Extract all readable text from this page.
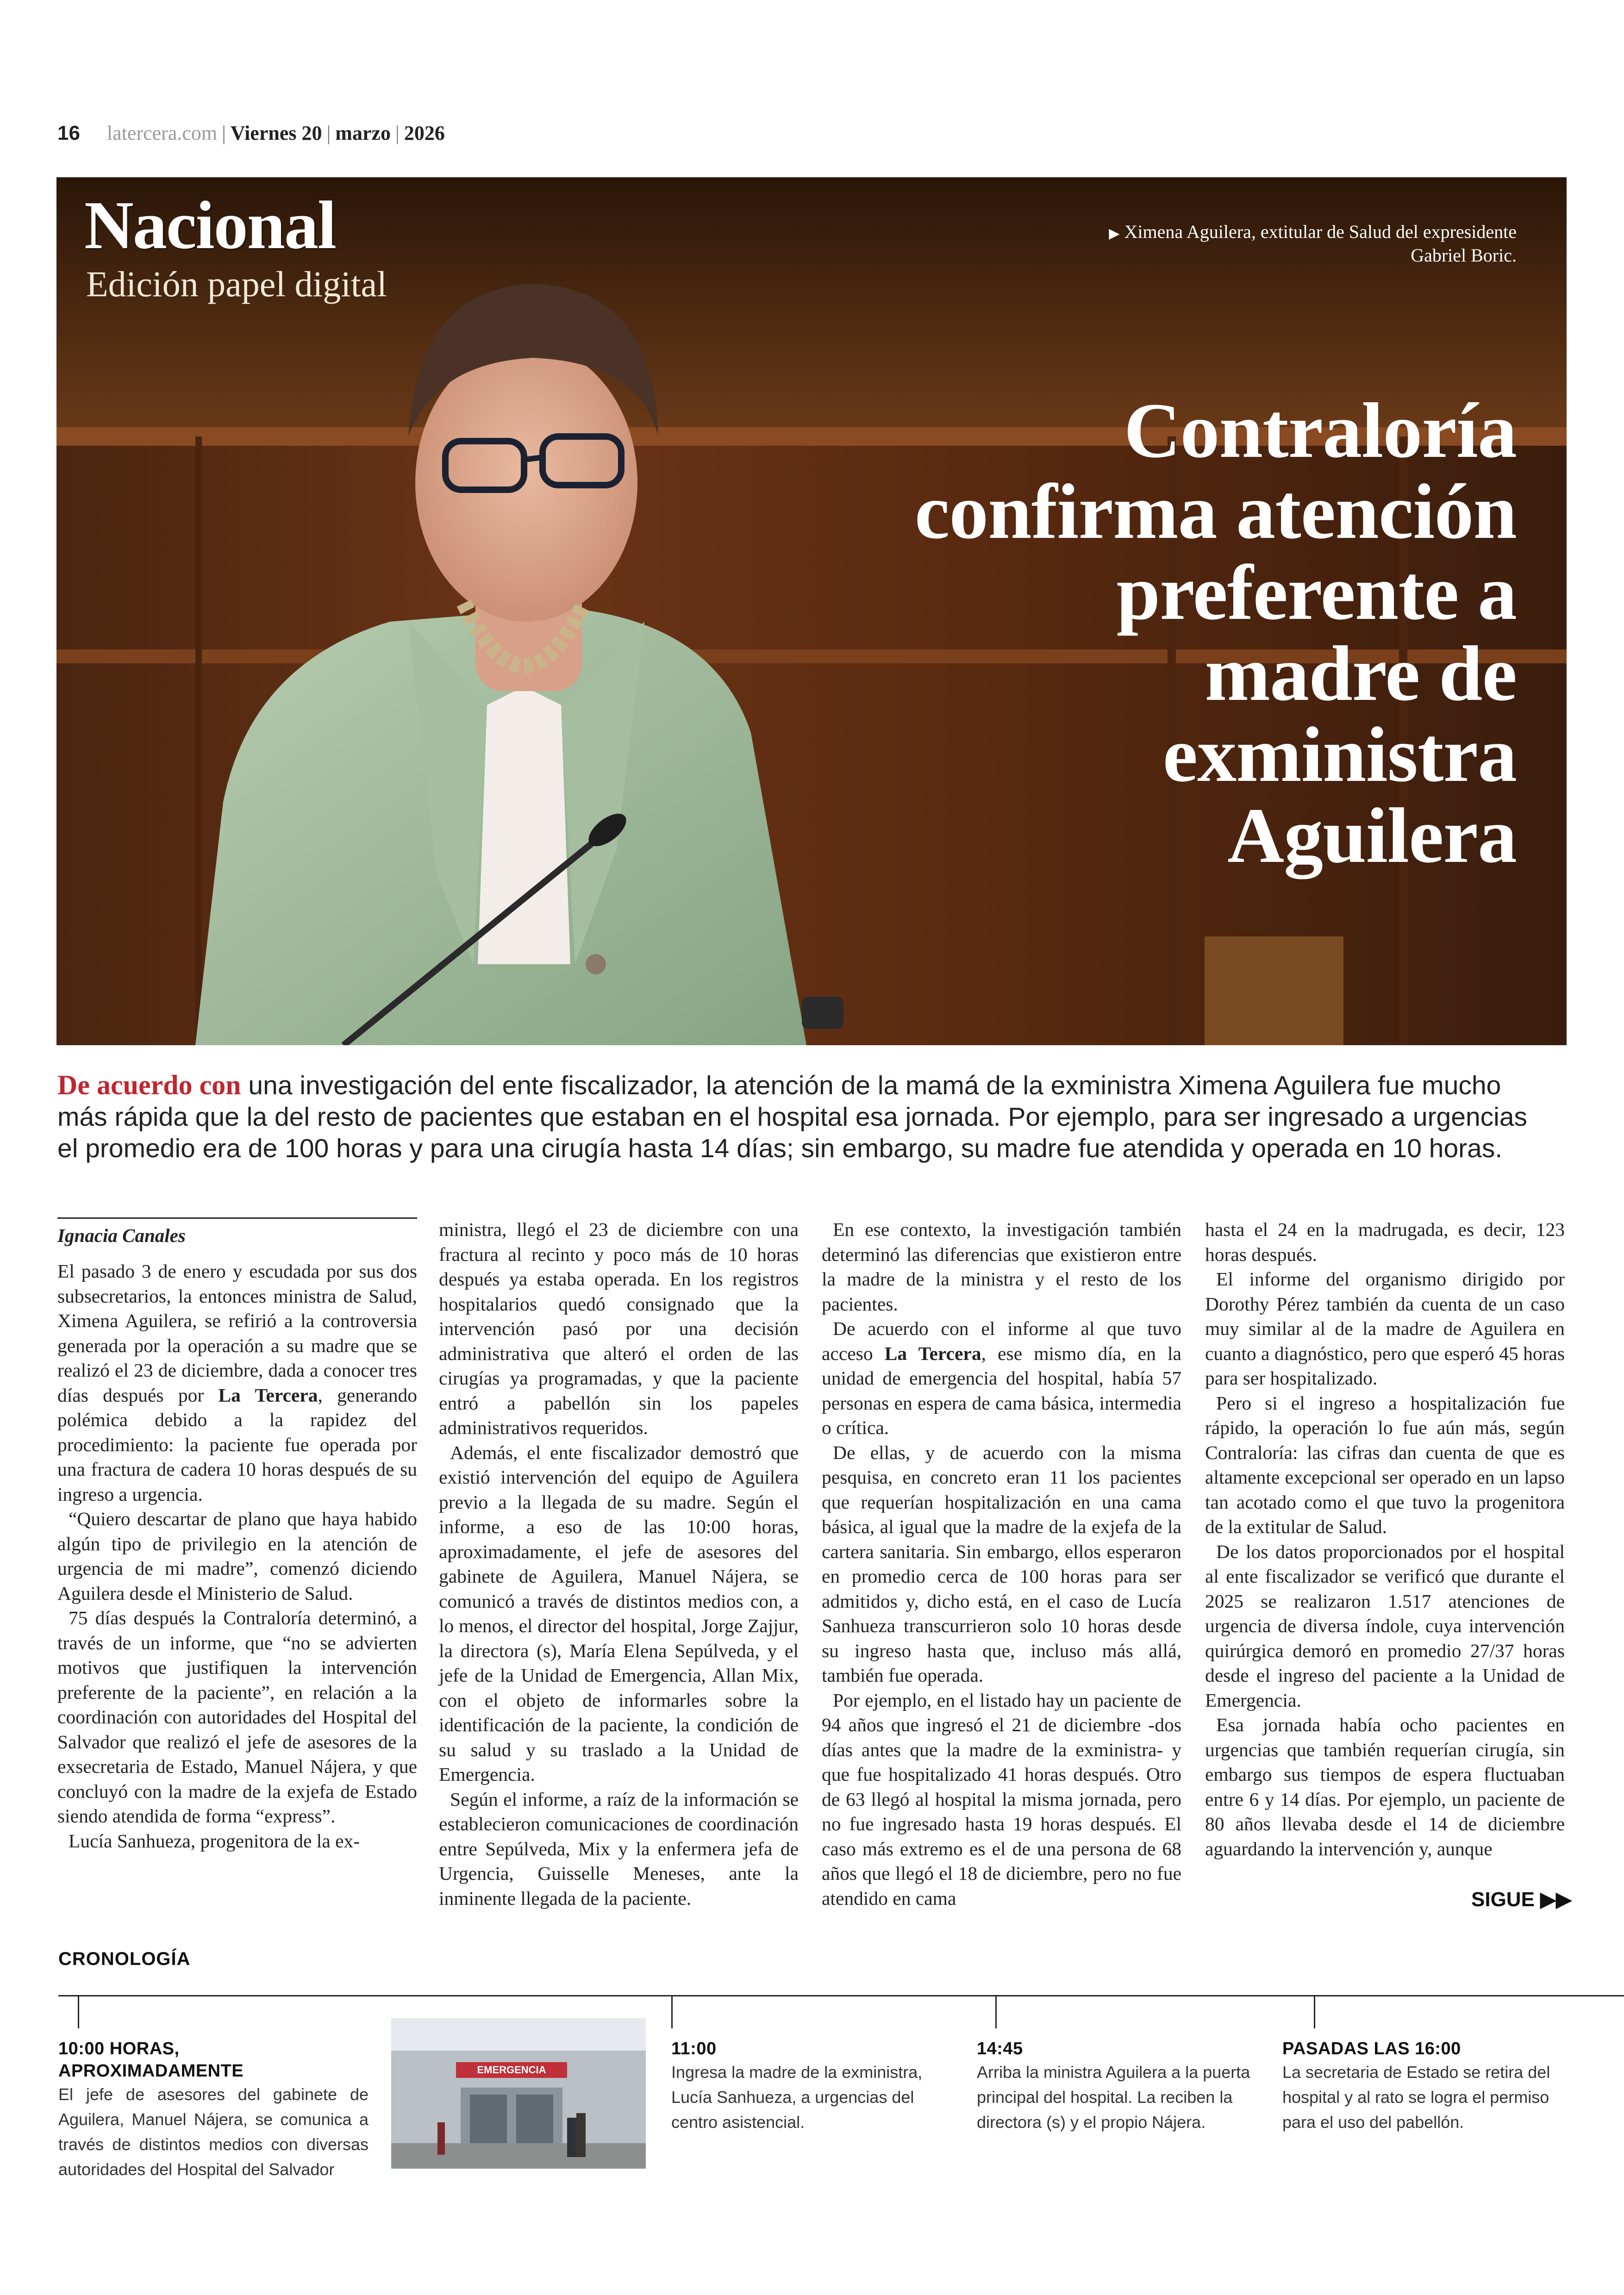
16 latercera.com | Viernes 20 | marzo | 2026
Nacional
Edición papel digital
▶ Ximena Aguilera, extitular de Salud del expresidente Gabriel Boric.
Contraloría
confirma atención
preferente a
madre de
exministra
Aguilera
De acuerdo con una investigación del ente fiscalizador, la atención de la mamá de la exministra Ximena Aguilera fue mucho más rápida que la del resto de pacientes que estaban en el hospital esa jornada. Por ejemplo, para ser ingresado a urgencias el promedio era de 100 horas y para una cirugía hasta 14 días; sin embargo, su madre fue atendida y operada en 10 horas.
Ignacia Canales

El pasado 3 de enero y escudada por sus dos subsecretarios, la entonces ministra de Salud, Ximena Aguilera, se refirió a la controversia generada por la operación a su madre que se realizó el 23 de diciembre, dada a conocer tres días después por La Tercera, generando polémica debido a la rapidez del procedimiento: la paciente fue operada por una fractura de cadera 10 horas después de su ingreso a urgencia.

“Quiero descartar de plano que haya habido algún tipo de privilegio en la atención de urgencia de mi madre”, comenzó diciendo Aguilera desde el Ministerio de Salud.

75 días después la Contraloría determinó, a través de un informe, que “no se advierten motivos que justifiquen la intervención preferente de la paciente”, en relación a la coordinación con autoridades del Hospital del Salvador que realizó el jefe de asesores de la exsecretaria de Estado, Manuel Nájera, y que concluyó con la madre de la exjefa de Estado siendo atendida de forma “express”.

Lucía Sanhueza, progenitora de la ex-

ministra, llegó el 23 de diciembre con una fractura al recinto y poco más de 10 horas después ya estaba operada. En los registros hospitalarios quedó consignado que la intervención pasó por una decisión administrativa que alteró el orden de las cirugías ya programadas, y que la paciente entró a pabellón sin los papeles administrativos requeridos.

Además, el ente fiscalizador demostró que existió intervención del equipo de Aguilera previo a la llegada de su madre. Según el informe, a eso de las 10:00 horas, aproximadamente, el jefe de asesores del gabinete de Aguilera, Manuel Nájera, se comunicó a través de distintos medios con, a lo menos, el director del hospital, Jorge Zajjur, la directora (s), María Elena Sepúlveda, y el jefe de la Unidad de Emergencia, Allan Mix, con el objeto de informarles sobre la identificación de la paciente, la condición de su salud y su traslado a la Unidad de Emergencia.

Según el informe, a raíz de la información se establecieron comunicaciones de coordinación entre Sepúlveda, Mix y la enfermera jefa de Urgencia, Guisselle Meneses, ante la inminente llegada de la paciente.

En ese contexto, la investigación también determinó las diferencias que existieron entre la madre de la ministra y el resto de los pacientes.

De acuerdo con el informe al que tuvo acceso La Tercera, ese mismo día, en la unidad de emergencia del hospital, había 57 personas en espera de cama básica, intermedia o crítica.

De ellas, y de acuerdo con la misma pesquisa, en concreto eran 11 los pacientes que requerían hospitalización en una cama básica, al igual que la madre de la exjefa de la cartera sanitaria. Sin embargo, ellos esperaron en promedio cerca de 100 horas para ser admitidos y, dicho está, en el caso de Lucía Sanhueza transcurrieron solo 10 horas desde su ingreso hasta que, incluso más allá, también fue operada.

Por ejemplo, en el listado hay un paciente de 94 años que ingresó el 21 de diciembre -dos días antes que la madre de la exministra- y que fue hospitalizado 41 horas después. Otro de 63 llegó al hospital la misma jornada, pero no fue ingresado hasta 19 horas después. El caso más extremo es el de una persona de 68 años que llegó el 18 de diciembre, pero no fue atendido en cama

hasta el 24 en la madrugada, es decir, 123 horas después.

El informe del organismo dirigido por Dorothy Pérez también da cuenta de un caso muy similar al de la madre de Aguilera en cuanto a diagnóstico, pero que esperó 45 horas para ser hospitalizado.

Pero si el ingreso a hospitalización fue rápido, la operación lo fue aún más, según Contraloría: las cifras dan cuenta de que es altamente excepcional ser operado en un lapso tan acotado como el que tuvo la progenitora de la extitular de Salud.

De los datos proporcionados por el hospital al ente fiscalizador se verificó que durante el 2025 se realizaron 1.517 atenciones de urgencia de diversa índole, cuya intervención quirúrgica demoró en promedio 27/37 horas desde el ingreso del paciente a la Unidad de Emergencia.

Esa jornada había ocho pacientes en urgencias que también requerían cirugía, sin embargo sus tiempos de espera fluctuaban entre 6 y 14 días. Por ejemplo, un paciente de 80 años llevaba desde el 14 de diciembre aguardando la intervención y, aunque

SIGUE ▶▶
CRONOLOGÍA
10:00 HORAS, APROXIMADAMENTE
El jefe de asesores del gabinete de Aguilera, Manuel Nájera, se comunica a través de distintos medios con diversas autoridades del Hospital del Salvador
EMERGENCIA
11:00
Ingresa la madre de la exministra, Lucía Sanhueza, a urgencias del centro asistencial.
14:45
Arriba la ministra Aguilera a la puerta principal del hospital. La reciben la directora (s) y el propio Nájera.
PASADAS LAS 16:00
La secretaria de Estado se retira del hospital y al rato se logra el permiso para el uso del pabellón.
